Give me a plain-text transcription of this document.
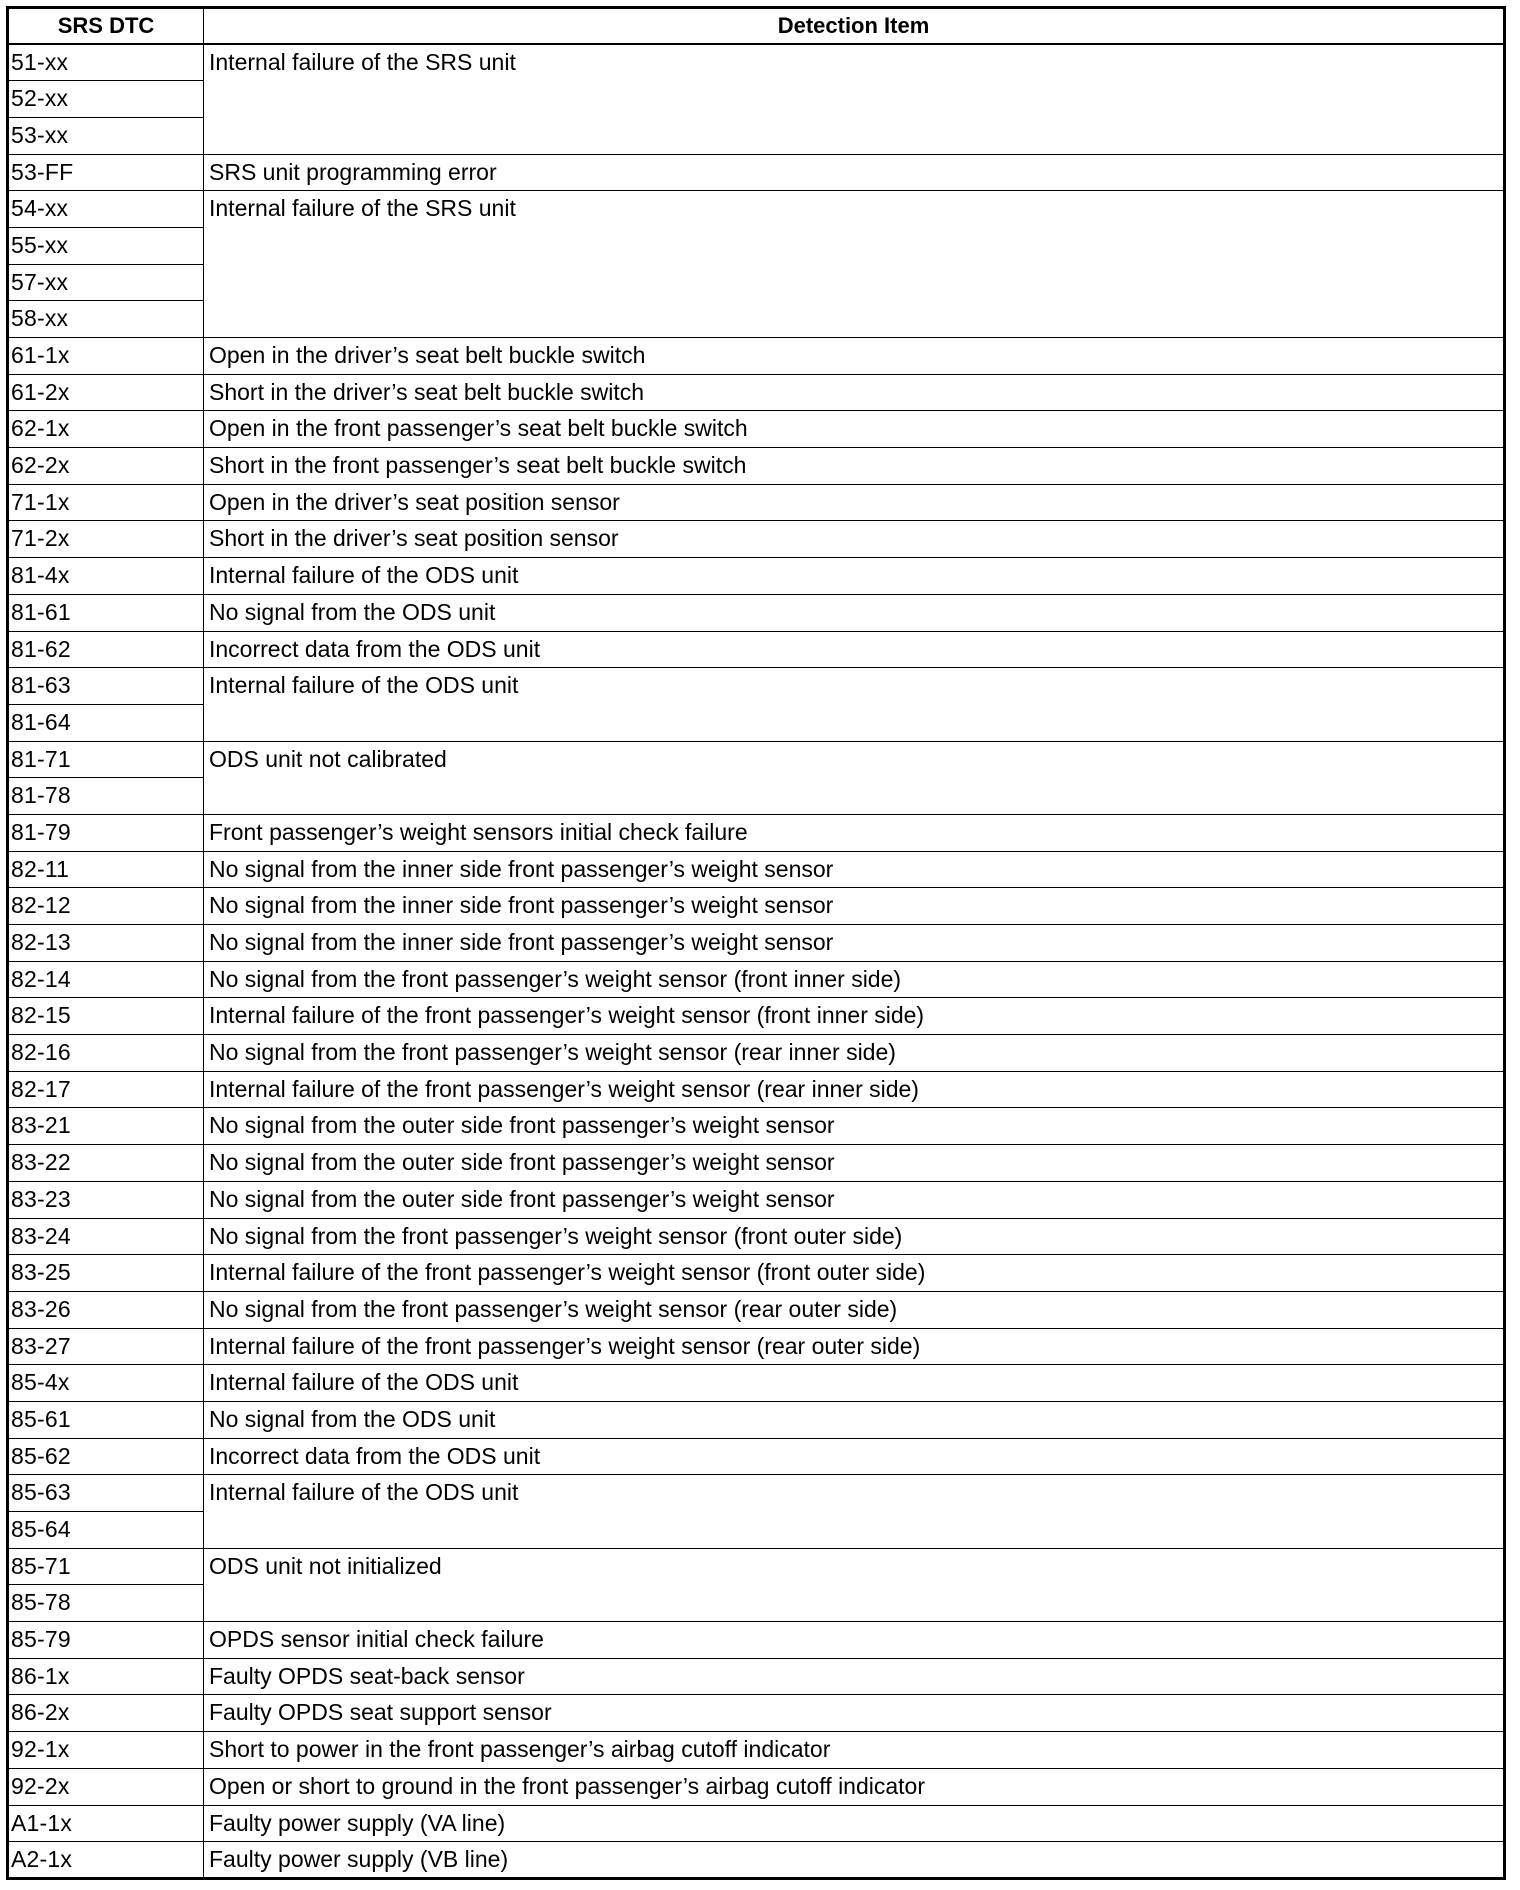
SRS DTC	Detection Item
51-xx	Internal failure of the SRS unit
52-xx	
53-xx	
53-FF	SRS unit programming error
54-xx	Internal failure of the SRS unit
55-xx	
57-xx	
58-xx	
61-1x	Open in the driver’s seat belt buckle switch
61-2x	Short in the driver’s seat belt buckle switch
62-1x	Open in the front passenger’s seat belt buckle switch
62-2x	Short in the front passenger’s seat belt buckle switch
71-1x	Open in the driver’s seat position sensor
71-2x	Short in the driver’s seat position sensor
81-4x	Internal failure of the ODS unit
81-61	No signal from the ODS unit
81-62	Incorrect data from the ODS unit
81-63	Internal failure of the ODS unit
81-64	
81-71	ODS unit not calibrated
81-78	
81-79	Front passenger’s weight sensors initial check failure
82-11	No signal from the inner side front passenger’s weight sensor
82-12	No signal from the inner side front passenger’s weight sensor
82-13	No signal from the inner side front passenger’s weight sensor
82-14	No signal from the front passenger’s weight sensor (front inner side)
82-15	Internal failure of the front passenger’s weight sensor (front inner side)
82-16	No signal from the front passenger’s weight sensor (rear inner side)
82-17	Internal failure of the front passenger’s weight sensor (rear inner side)
83-21	No signal from the outer side front passenger’s weight sensor
83-22	No signal from the outer side front passenger’s weight sensor
83-23	No signal from the outer side front passenger’s weight sensor
83-24	No signal from the front passenger’s weight sensor (front outer side)
83-25	Internal failure of the front passenger’s weight sensor (front outer side)
83-26	No signal from the front passenger’s weight sensor (rear outer side)
83-27	Internal failure of the front passenger’s weight sensor (rear outer side)
85-4x	Internal failure of the ODS unit
85-61	No signal from the ODS unit
85-62	Incorrect data from the ODS unit
85-63	Internal failure of the ODS unit
85-64	
85-71	ODS unit not initialized
85-78	
85-79	OPDS sensor initial check failure
86-1x	Faulty OPDS seat-back sensor
86-2x	Faulty OPDS seat support sensor
92-1x	Short to power in the front passenger’s airbag cutoff indicator
92-2x	Open or short to ground in the front passenger’s airbag cutoff indicator
A1-1x	Faulty power supply (VA line)
A2-1x	Faulty power supply (VB line)
